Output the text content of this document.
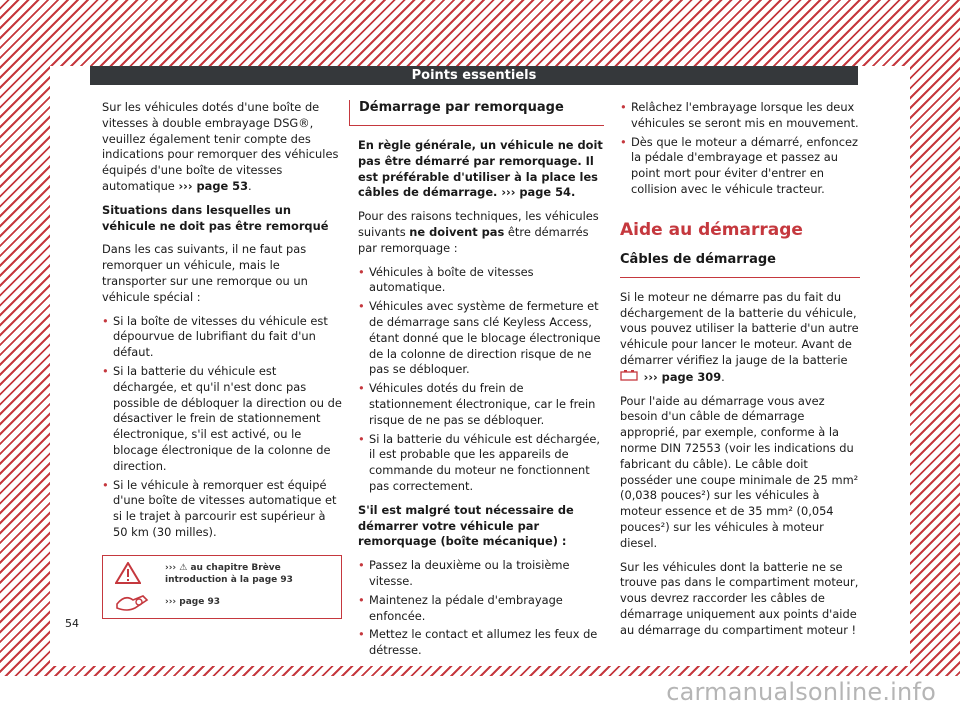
Points essentiels

Sur les véhicules dotés d'une boîte de vitesses à double embrayage DSG®, veuillez également tenir compte des indications pour remorquer des véhicules équipés d'une boîte de vitesses automatique ››› page 53.

Situations dans lesquelles un véhicule ne doit pas être remorqué

Dans les cas suivants, il ne faut pas remorquer un véhicule, mais le transporter sur une remorque ou un véhicule spécial :

• Si la boîte de vitesses du véhicule est dépourvue de lubrifiant du fait d'un défaut.
• Si la batterie du véhicule est déchargée, et qu'il n'est donc pas possible de débloquer la direction ou de désactiver le frein de stationnement électronique, s'il est activé, ou le blocage électronique de la colonne de direction.
• Si le véhicule à remorquer est équipé d'une boîte de vitesses automatique et si le trajet à parcourir est supérieur à 50 km (30 milles).
››› ⚠ au chapitre Brève introduction à la page 93
››› page 93
Démarrage par remorquage

En règle générale, un véhicule ne doit pas être démarré par remorquage. Il est préférable d'utiliser à la place les câbles de démarrage. ››› page 54.

Pour des raisons techniques, les véhicules suivants ne doivent pas être démarrés par remorquage :

• Véhicules à boîte de vitesses automatique.
• Véhicules avec système de fermeture et de démarrage sans clé Keyless Access, étant donné que le blocage électronique de la colonne de direction risque de ne pas se débloquer.
• Véhicules dotés du frein de stationnement électronique, car le frein risque de ne pas se débloquer.
• Si la batterie du véhicule est déchargée, il est probable que les appareils de commande du moteur ne fonctionnent pas correctement.

S'il est malgré tout nécessaire de démarrer votre véhicule par remorquage (boîte mécanique) :

• Passez la deuxième ou la troisième vitesse.
• Maintenez la pédale d'embrayage enfoncée.
• Mettez le contact et allumez les feux de détresse.
• Relâchez l'embrayage lorsque les deux véhicules se seront mis en mouvement.
• Dès que le moteur a démarré, enfoncez la pédale d'embrayage et passez au point mort pour éviter d'entrer en collision avec le véhicule tracteur.
Aide au démarrage
Câbles de démarrage

Si le moteur ne démarre pas du fait du déchargement de la batterie du véhicule, vous pouvez utiliser la batterie d'un autre véhicule pour lancer le moteur. Avant de démarrer vérifiez la jauge de la batterie  ››› page 309.

Pour l'aide au démarrage vous avez besoin d'un câble de démarrage approprié, par exemple, conforme à la norme DIN 72553 (voir les indications du fabricant du câble). Le câble doit posséder une coupe minimale de 25 mm² (0,038 pouces²) sur les véhicules à moteur essence et de 35 mm² (0,054 pouces²) sur les véhicules à moteur diesel.

Sur les véhicules dont la batterie ne se trouve pas dans le compartiment moteur, vous devrez raccorder les câbles de démarrage uniquement aux points d'aide au démarrage du compartiment moteur !

54
carmanualsonline.info
